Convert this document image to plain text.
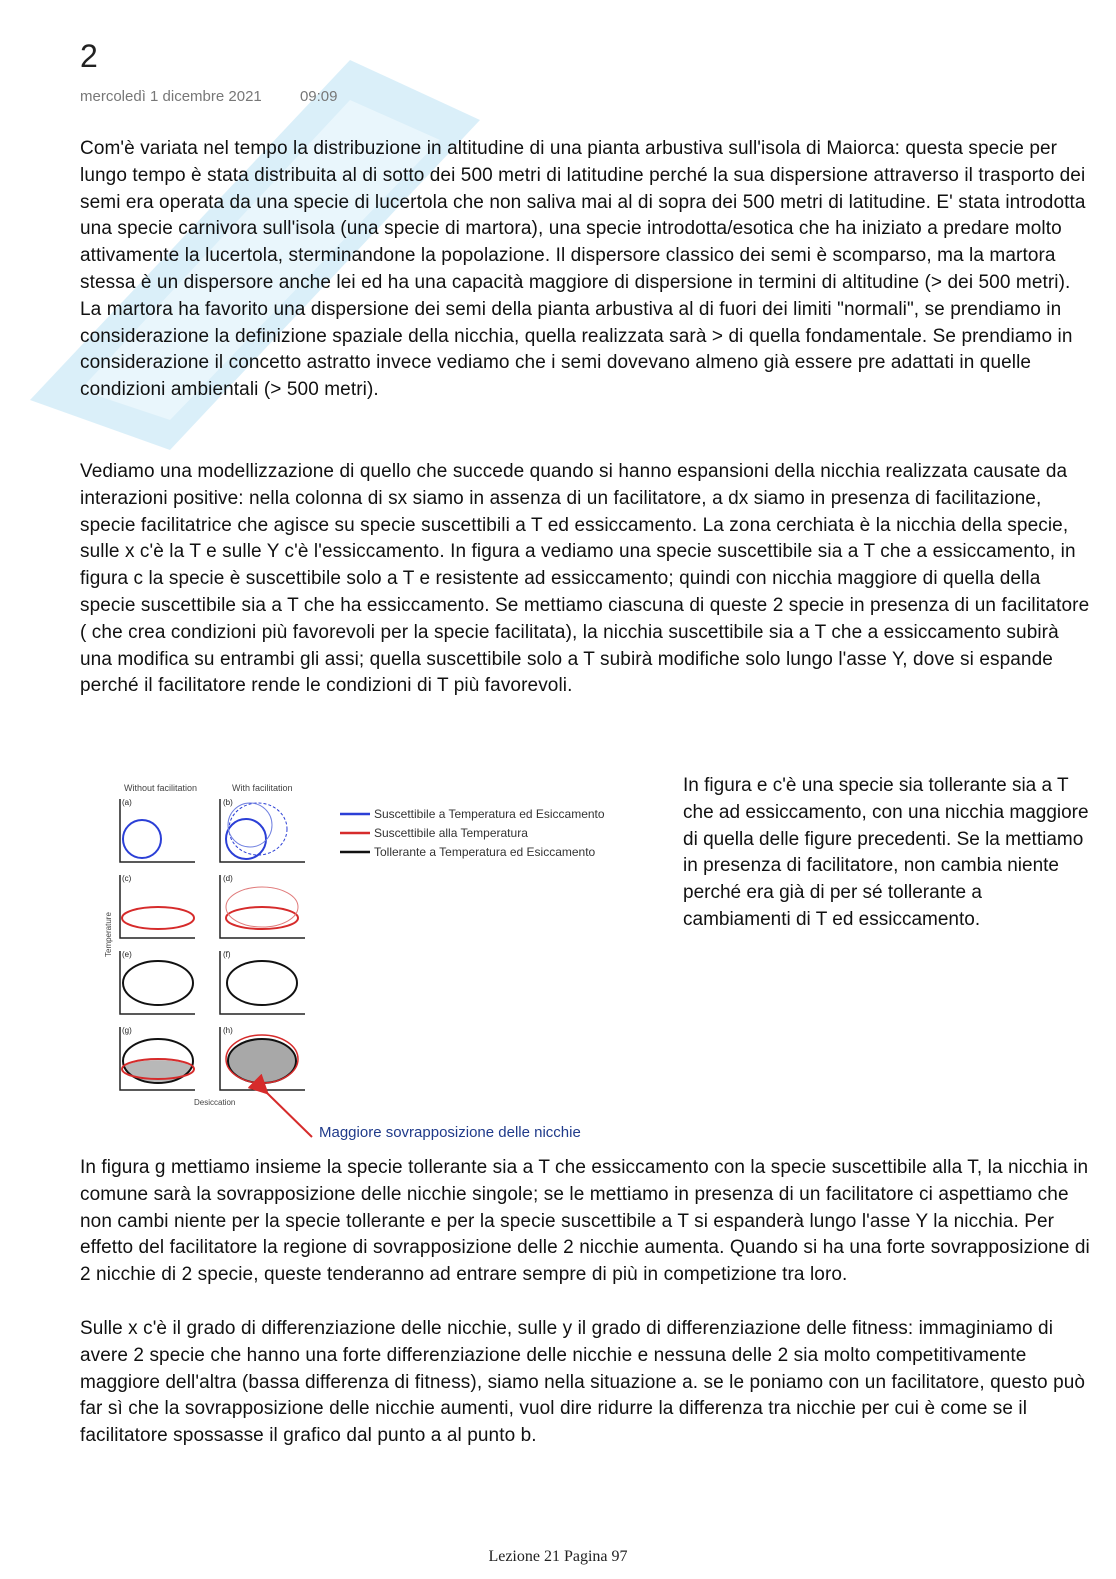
2
mercoledì 1 dicembre 2021	09:09

Com'è variata nel tempo la distribuzione in altitudine di una pianta arbustiva sull'isola di Maiorca: questa specie per lungo tempo è stata distribuita al di sotto dei 500 metri di latitudine perché la sua dispersione attraverso il trasporto dei semi era operata da una specie di lucertola che non saliva mai al di sopra dei 500 metri di latitudine. E' stata introdotta una specie carnivora sull'isola (una specie di martora), una specie introdotta/esotica che ha iniziato a predare molto attivamente la lucertola, sterminandone la popolazione. Il dispersore classico dei semi è scomparso, ma la martora stessa è un dispersore anche lei ed ha una capacità maggiore di dispersione in termini di altitudine (> dei 500 metri). La martora ha favorito una dispersione dei semi della pianta arbustiva al di fuori dei limiti "normali", se prendiamo in considerazione la definizione spaziale della nicchia, quella realizzata sarà > di quella fondamentale. Se prendiamo in considerazione il concetto astratto invece vediamo che i semi dovevano almeno già essere pre adattati in quelle condizioni ambientali (> 500 metri).

Vediamo una modellizzazione di quello che succede quando si hanno espansioni della nicchia realizzata causate da interazioni positive: nella colonna di sx siamo in assenza di un facilitatore, a dx siamo in presenza di facilitazione, specie facilitatrice che agisce su specie suscettibili a T ed essiccamento. La zona cerchiata è la nicchia della specie, sulle x c'è la T e sulle Y c'è l'essiccamento. In figura a vediamo una specie suscettibile sia a T che a essiccamento, in figura c la specie è suscettibile solo a T e resistente ad essiccamento; quindi con nicchia maggiore di quella della specie suscettibile sia a T che ha essiccamento. Se mettiamo ciascuna di queste 2 specie in presenza di un facilitatore ( che crea condizioni più favorevoli per la specie facilitata), la nicchia suscettibile sia a T che a essiccamento subirà una modifica su entrambi gli assi; quella suscettibile solo a T subirà modifiche solo lungo l'asse Y, dove si espande perché il facilitatore rende le condizioni di T più favorevoli.

Without facilitation	With facilitation
Temperature
Desiccation
(a)	(b)
(c)	(d)
(e)	(f)
(g)	(h)
Suscettibile a Temperatura ed Esiccamento
Suscettibile alla Temperatura
Tollerante a Temperatura ed Esiccamento
Maggiore sovrapposizione delle nicchie

In figura e c'è una specie sia tollerante sia a T che ad essiccamento, con una nicchia maggiore di quella delle figure precedenti. Se la mettiamo in presenza di facilitatore, non cambia niente perché era già di per sé tollerante a cambiamenti di T ed essiccamento.

In figura g mettiamo insieme la specie tollerante sia a T che essiccamento con la specie suscettibile alla T, la nicchia in comune sarà la sovrapposizione delle nicchie singole; se le mettiamo in presenza di un facilitatore ci aspettiamo che non cambi niente per la specie tollerante e per la specie suscettibile a T si espanderà lungo l'asse Y la nicchia. Per effetto del facilitatore la regione di sovrapposizione delle 2 nicchie aumenta. Quando si ha una forte sovrapposizione di 2 nicchie di 2 specie, queste tenderanno ad entrare sempre di più in competizione tra loro.

Sulle x c'è il grado di differenziazione delle nicchie, sulle y il grado di differenziazione delle fitness: immaginiamo di avere 2 specie che hanno una forte differenziazione delle nicchie e nessuna delle 2 sia molto competitivamente maggiore dell'altra (bassa differenza di fitness), siamo nella situazione a. se le poniamo con un facilitatore, questo può far sì che la sovrapposizione delle nicchie aumenti, vuol dire ridurre la differenza tra nicchie per cui è come se il facilitatore spossasse il grafico dal punto a al punto b.

Lezione 21 Pagina 97
